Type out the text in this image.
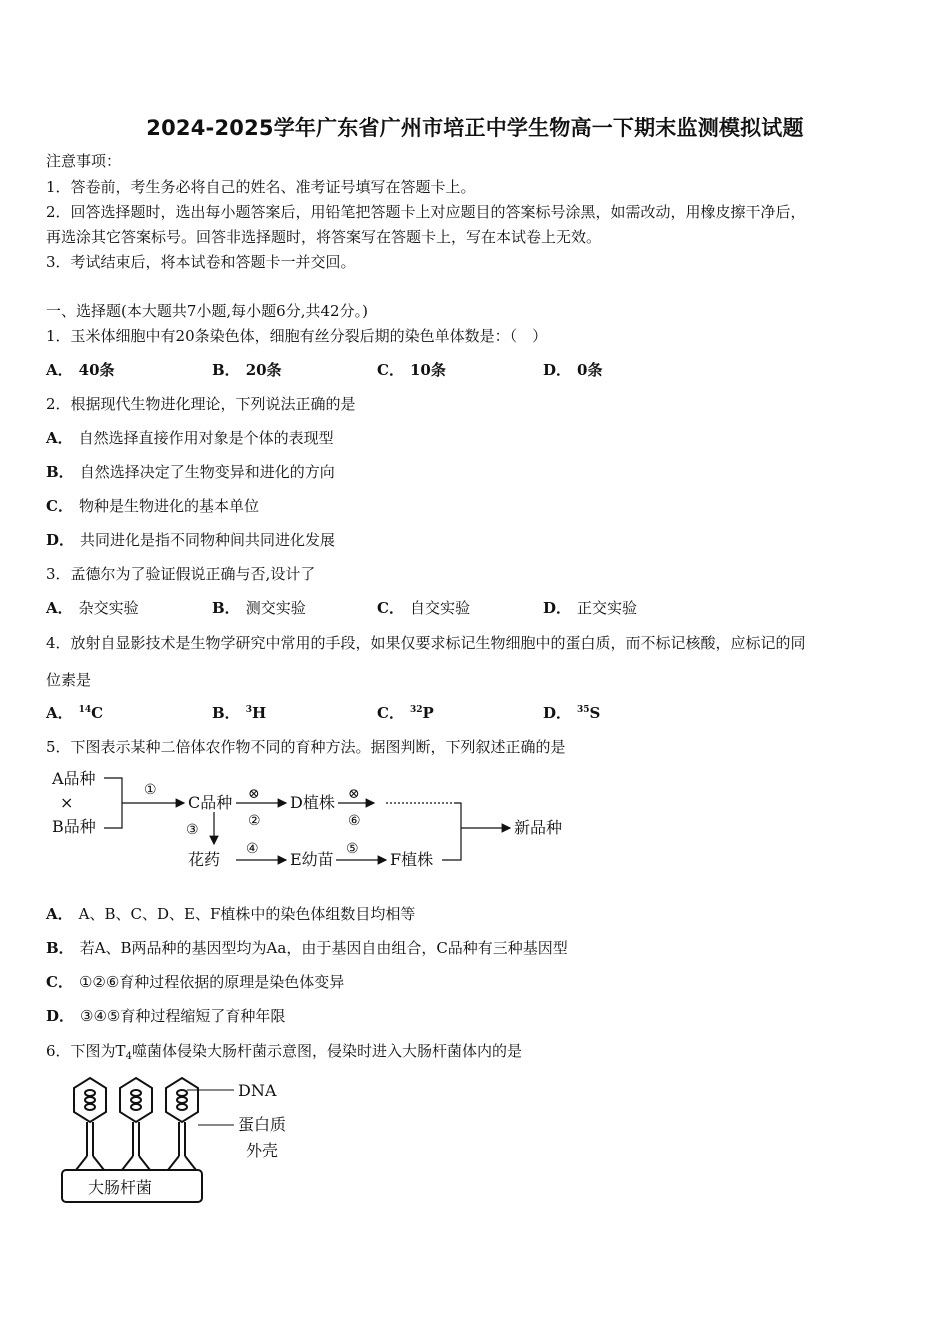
2024-2025学年广东省广州市培正中学生物高一下期末监测模拟试题
注意事项：
1．答卷前，考生务必将自己的姓名、准考证号填写在答题卡上。
2．回答选择题时，选出每小题答案后，用铅笔把答题卡上对应题目的答案标号涂黑，如需改动，用橡皮擦干净后，
再选涂其它答案标号。回答非选择题时，将答案写在答题卡上，写在本试卷上无效。
3．考试结束后，将本试卷和答题卡一并交回。
一、选择题(本大题共7小题,每小题6分,共42分。)
1．玉米体细胞中有20条染色体，细胞有丝分裂后期的染色单体数是：（　）
A． 40条	B． 20条	C． 10条	D． 0条
2．根据现代生物进化理论，下列说法正确的是
A． 自然选择直接作用对象是个体的表现型
B． 自然选择决定了生物变异和进化的方向
C． 物种是生物进化的基本单位
D． 共同进化是指不同物种间共同进化发展
3．孟德尔为了验证假说正确与否,设计了
A． 杂交实验	B． 测交实验	C． 自交实验	D． 正交实验
4．放射自显影技术是生物学研究中常用的手段，如果仅要求标记生物细胞中的蛋白质，而不标记核酸，应标记的同
位素是
A． $^{14}$C	B． $^3$H	C． $^{32}$P	D． $^{35}$S
5．下图表示某种二倍体农作物不同的育种方法。据图判断，下列叙述正确的是
A品种
×
B品种
C品种	D植株
花药	E幼苗	F植株
新品种
①	⊗
②
⊗
⑥
③
④	⑤
A． A、B、C、D、E、F植株中的染色体组数目均相等
B． 若A、B两品种的基因型均为Aa，由于基因自由组合，C品种有三种基因型
C． ①②⑥育种过程依据的原理是染色体变异
D． ③④⑤育种过程缩短了育种年限
6．下图为$T_4$噬菌体侵染大肠杆菌示意图，侵染时进入大肠杆菌体内的是
DNA
蛋白质
外壳
大肠杆菌
